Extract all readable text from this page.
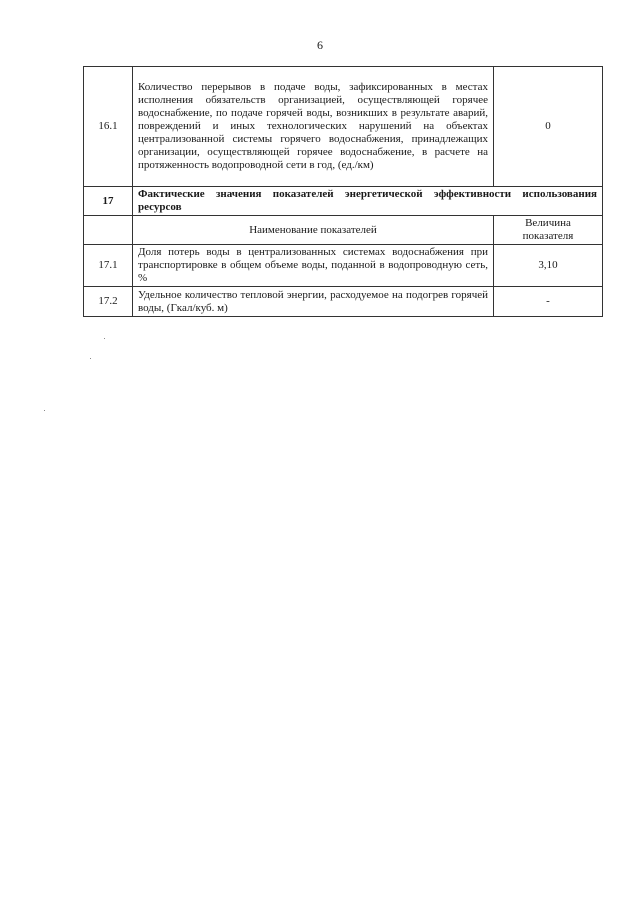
6
16.1	Количество перерывов в подаче воды, зафиксированных в местах исполнения обязательств организацией, осуществляющей горячее водоснабжение, по подаче горячей воды, возникших в результате аварий, повреждений и иных технологических нарушений на объектах централизованной системы горячего водоснабжения, принадлежащих организации, осуществляющей горячее водоснабжение, в расчете на протяженность водопроводной сети в год, (ед./км)	0
17	Фактические значения показателей энергетической эффективности использования ресурсов	
	Наименование показателей	Величина показателя
17.1	Доля потерь воды в централизованных системах водоснабжения при транспортировке в общем объеме воды, поданной в водопроводную сеть, %	3,10
17.2	Удельное количество тепловой энергии, расходуемое на подогрев горячей воды, (Гкал/куб. м)	-
